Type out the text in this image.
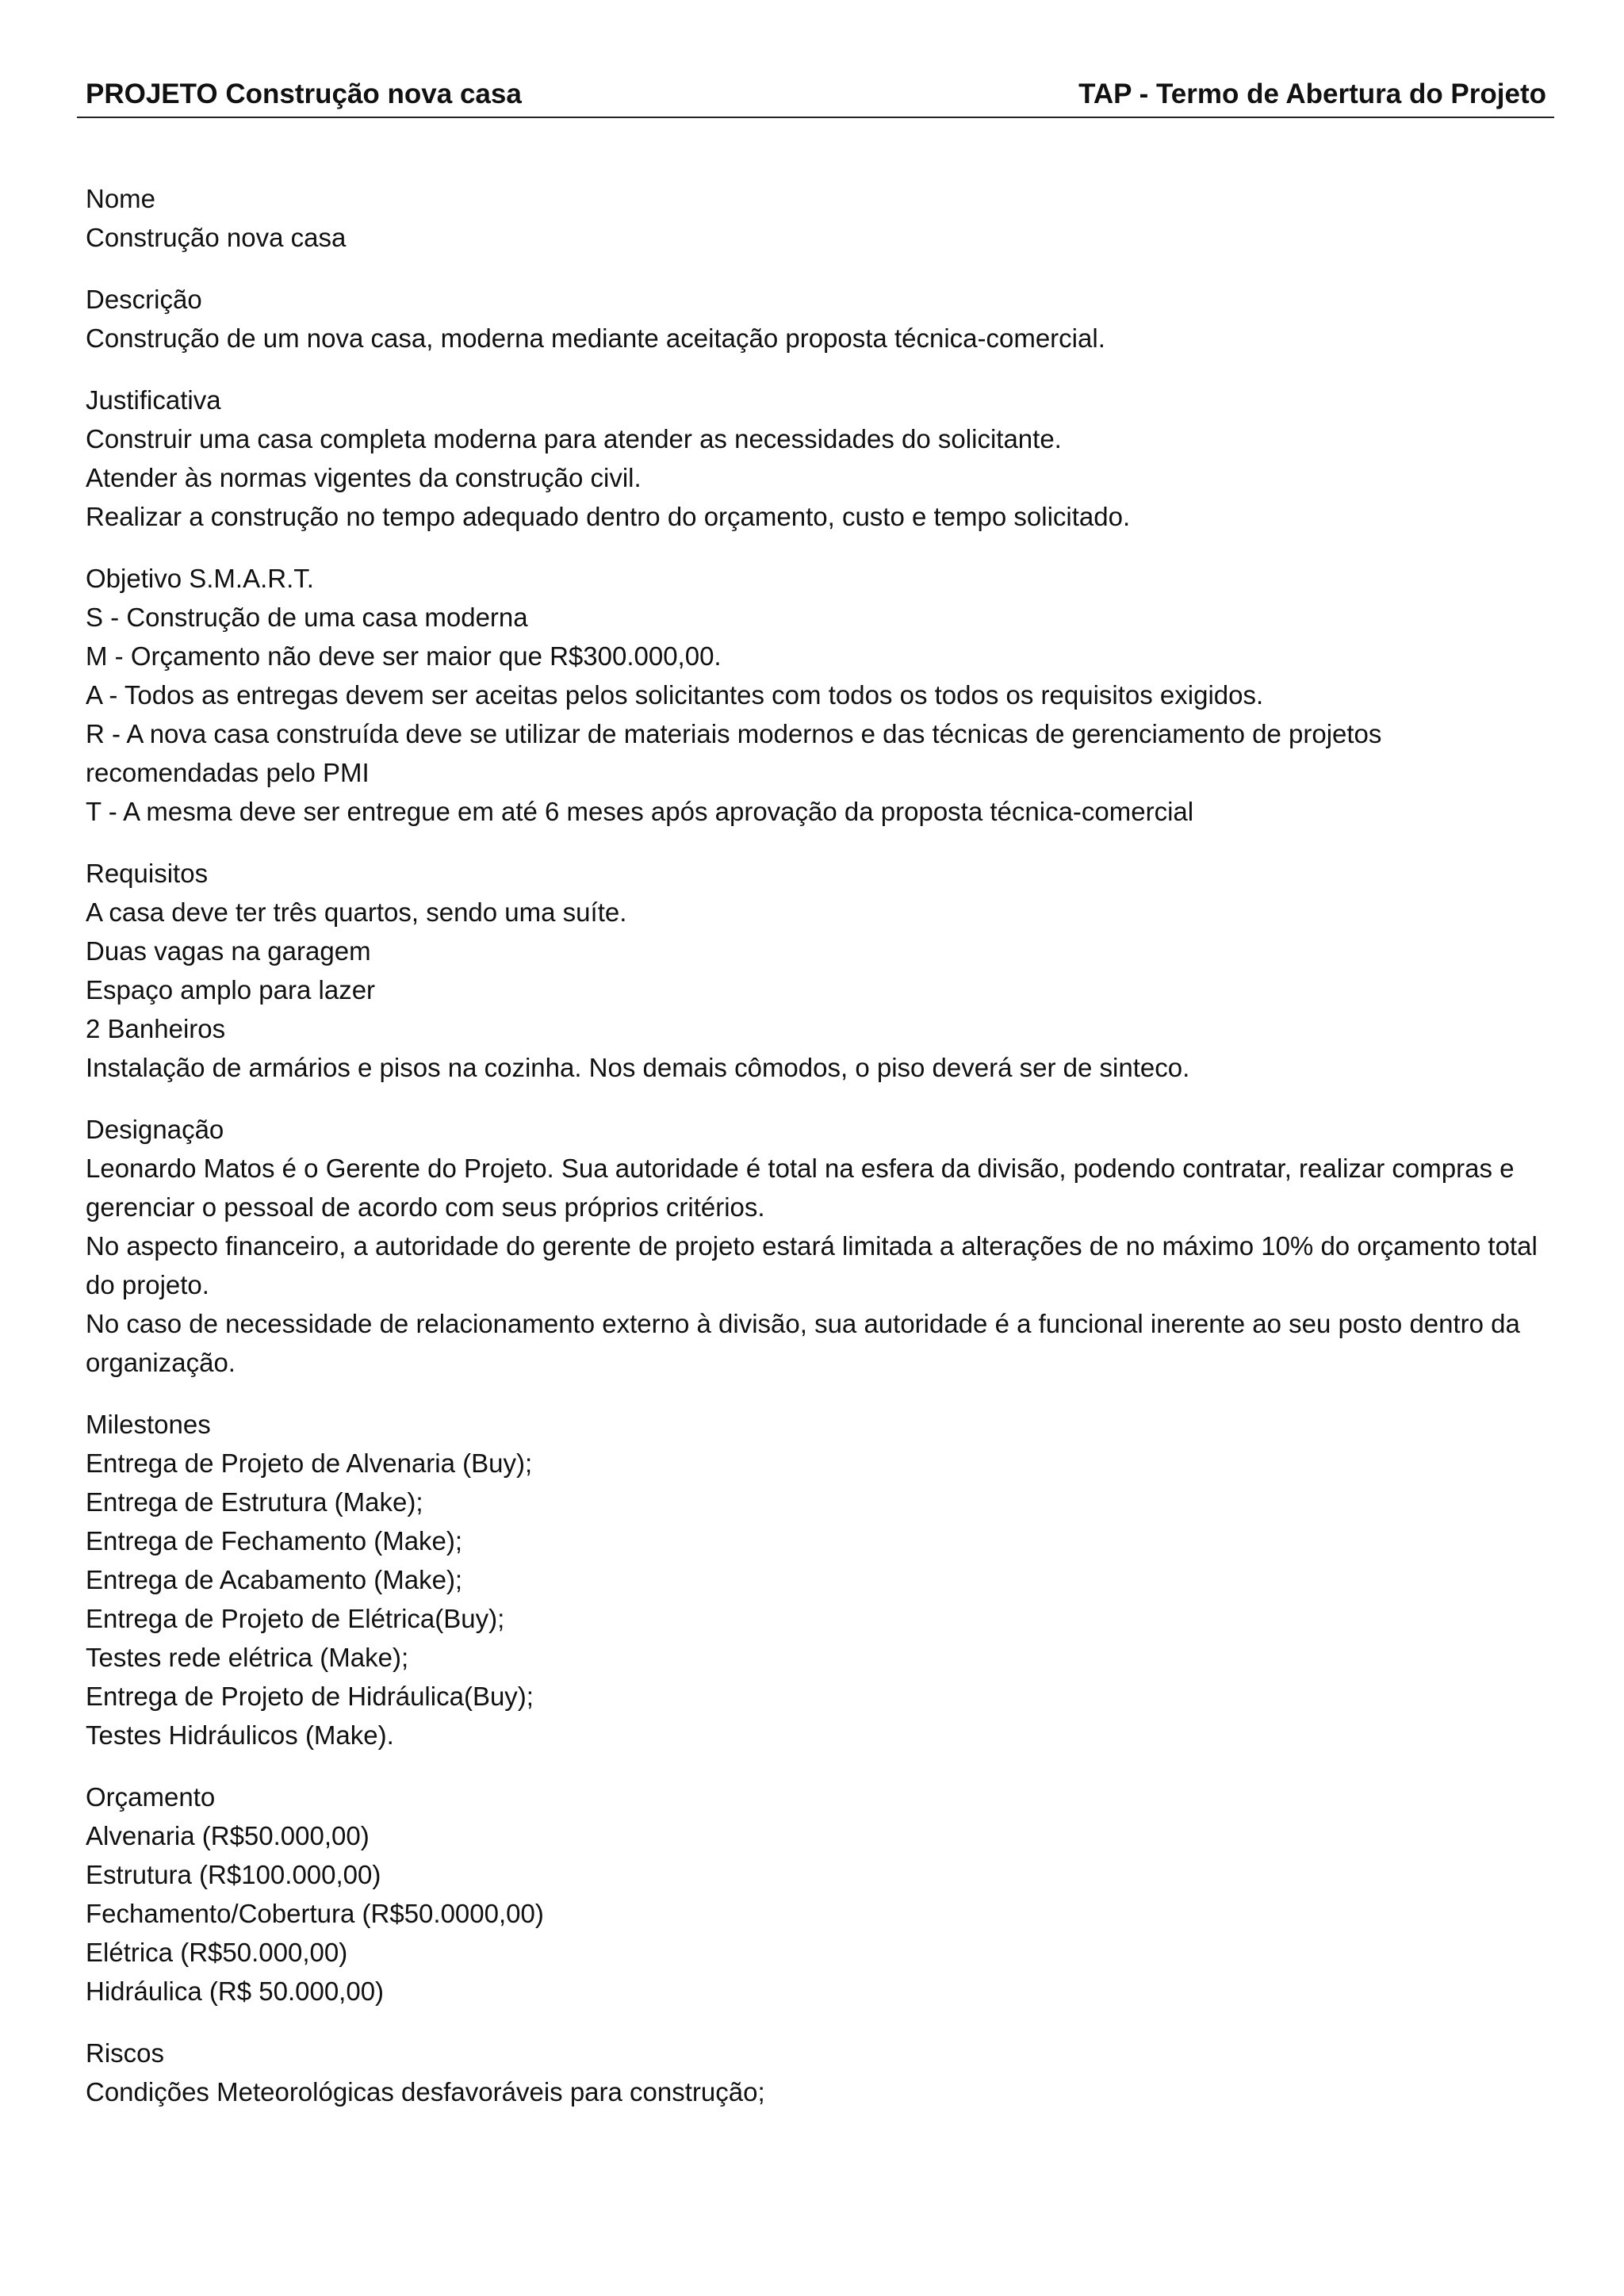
PROJETO Construção nova casa	TAP - Termo de Abertura do Projeto
Nome
Construção nova casa
Descrição
Construção de um nova casa, moderna mediante aceitação proposta técnica-comercial.
Justificativa
Construir uma casa completa moderna para atender as necessidades do solicitante.
Atender às normas vigentes da construção civil.
Realizar a construção no tempo adequado dentro do orçamento, custo e tempo solicitado.
Objetivo S.M.A.R.T.
S - Construção de uma casa moderna
M - Orçamento não deve ser maior que R$300.000,00.
A - Todos as entregas devem ser aceitas pelos solicitantes com todos os todos os requisitos exigidos.
R - A nova casa construída deve se utilizar de materiais modernos e das técnicas de gerenciamento de projetos recomendadas pelo PMI
T - A mesma deve ser entregue em até 6 meses após aprovação da proposta técnica-comercial
Requisitos
A casa deve ter três quartos, sendo uma suíte.
Duas vagas na garagem
Espaço amplo para lazer
2 Banheiros
Instalação de armários e pisos na cozinha. Nos demais cômodos, o piso deverá ser de sinteco.
Designação
Leonardo Matos é o Gerente do Projeto. Sua autoridade é total na esfera da divisão, podendo contratar, realizar compras e gerenciar o pessoal de acordo com seus próprios critérios.
No aspecto financeiro, a autoridade do gerente de projeto estará limitada a alterações de no máximo 10% do orçamento total do projeto.
No caso de necessidade de relacionamento externo à divisão, sua autoridade é a funcional inerente ao seu posto dentro da organização.
Milestones
Entrega de Projeto de Alvenaria (Buy);
Entrega de Estrutura (Make);
Entrega de Fechamento (Make);
Entrega de Acabamento (Make);
Entrega de Projeto de Elétrica(Buy);
Testes rede elétrica (Make);
Entrega de Projeto de Hidráulica(Buy);
Testes Hidráulicos (Make).
Orçamento
Alvenaria (R$50.000,00)
Estrutura (R$100.000,00)
Fechamento/Cobertura (R$50.0000,00)
Elétrica (R$50.000,00)
Hidráulica (R$ 50.000,00)
Riscos
Condições Meteorológicas desfavoráveis para construção;
